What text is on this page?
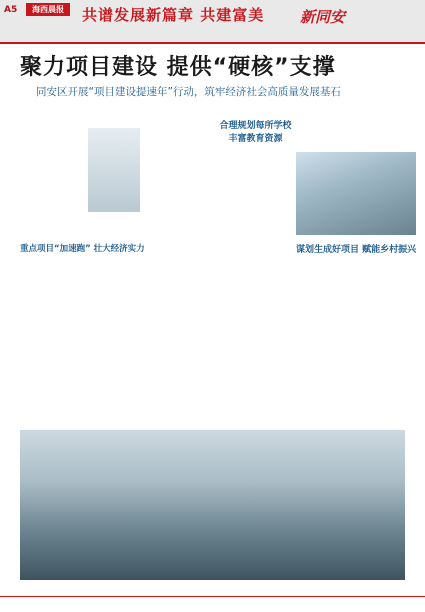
A5	海西晨报	共谱发展新篇章 共建富美 新同安
聚力项目建设 提供“硬核”支撑
同安区开展“项目建设提速年”行动，筑牢经济社会高质量发展基石
合理规划每所学校
丰富教育资源
重点项目“加速跑” 壮大经济实力	谋划生成好项目 赋能乡村振兴
